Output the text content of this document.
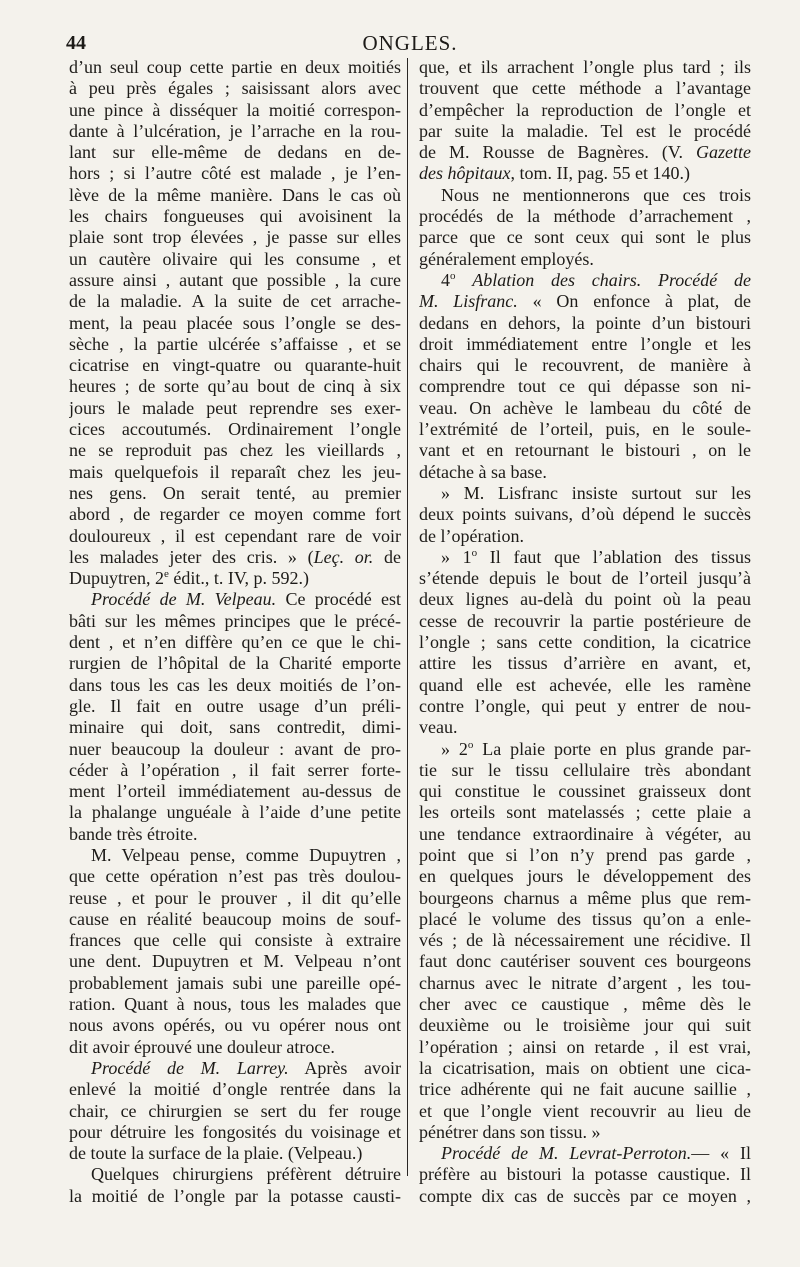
44	ONGLES.
d’un seul coup cette partie en deux moitiés
à peu près égales ; saisissant alors avec
une pince à disséquer la moitié correspon-
dante à l’ulcération, je l’arrache en la rou-
lant sur elle-même de dedans en de-
hors ; si l’autre côté est malade , je l’en-
lève de la même manière. Dans le cas où
les chairs fongueuses qui avoisinent la
plaie sont trop élevées , je passe sur elles
un cautère olivaire qui les consume , et
assure ainsi , autant que possible , la cure
de la maladie. A la suite de cet arrache-
ment, la peau placée sous l’ongle se des-
sèche , la partie ulcérée s’affaisse , et se
cicatrise en vingt-quatre ou quarante-huit
heures ; de sorte qu’au bout de cinq à six
jours le malade peut reprendre ses exer-
cices accoutumés. Ordinairement l’ongle
ne se reproduit pas chez les vieillards ,
mais quelquefois il reparaît chez les jeu-
nes gens. On serait tenté, au premier
abord , de regarder ce moyen comme fort
douloureux , il est cependant rare de voir
les malades jeter des cris. » (Leç. or. de
Dupuytren, 2e édit., t. IV, p. 592.)
Procédé de M. Velpeau. Ce procédé est
bâti sur les mêmes principes que le précé-
dent , et n’en diffère qu’en ce que le chi-
rurgien de l’hôpital de la Charité emporte
dans tous les cas les deux moitiés de l’on-
gle. Il fait en outre usage d’un préli-
minaire qui doit, sans contredit, dimi-
nuer beaucoup la douleur : avant de pro-
céder à l’opération , il fait serrer forte-
ment l’orteil immédiatement au-dessus de
la phalange unguéale à l’aide d’une petite
bande très étroite.
M. Velpeau pense, comme Dupuytren ,
que cette opération n’est pas très doulou-
reuse , et pour le prouver , il dit qu’elle
cause en réalité beaucoup moins de souf-
frances que celle qui consiste à extraire
une dent. Dupuytren et M. Velpeau n’ont
probablement jamais subi une pareille opé-
ration. Quant à nous, tous les malades que
nous avons opérés, ou vu opérer nous ont
dit avoir éprouvé une douleur atroce.
Procédé de M. Larrey. Après avoir
enlevé la moitié d’ongle rentrée dans la
chair, ce chirurgien se sert du fer rouge
pour détruire les fongosités du voisinage et
de toute la surface de la plaie. (Velpeau.)
Quelques chirurgiens préfèrent détruire
la moitié de l’ongle par la potasse causti-
que, et ils arrachent l’ongle plus tard ; ils
trouvent que cette méthode a l’avantage
d’empêcher la reproduction de l’ongle et
par suite la maladie. Tel est le procédé
de M. Rousse de Bagnères. (V. Gazette
des hôpitaux, tom. II, pag. 55 et 140.)
Nous ne mentionnerons que ces trois
procédés de la méthode d’arrachement ,
parce que ce sont ceux qui sont le plus
généralement employés.
4$^o$ Ablation des chairs. Procédé de
M. Lisfranc. « On enfonce à plat, de
dedans en dehors, la pointe d’un bistouri
droit immédiatement entre l’ongle et les
chairs qui le recouvrent, de manière à
comprendre tout ce qui dépasse son ni-
veau. On achève le lambeau du côté de
l’extrémité de l’orteil, puis, en le soule-
vant et en retournant le bistouri , on le
détache à sa base.
» M. Lisfranc insiste surtout sur les
deux points suivans, d’où dépend le succès
de l’opération.
» 1$^o$ Il faut que l’ablation des tissus
s’étende depuis le bout de l’orteil jusqu’à
deux lignes au-delà du point où la peau
cesse de recouvrir la partie postérieure de
l’ongle ; sans cette condition, la cicatrice
attire les tissus d’arrière en avant, et,
quand elle est achevée, elle les ramène
contre l’ongle, qui peut y entrer de nou-
veau.
» 2$^o$ La plaie porte en plus grande par-
tie sur le tissu cellulaire très abondant
qui constitue le coussinet graisseux dont
les orteils sont matelassés ; cette plaie a
une tendance extraordinaire à végéter, au
point que si l’on n’y prend pas garde ,
en quelques jours le développement des
bourgeons charnus a même plus que rem-
placé le volume des tissus qu’on a enle-
vés ; de là nécessairement une récidive. Il
faut donc cautériser souvent ces bourgeons
charnus avec le nitrate d’argent , les tou-
cher avec ce caustique , même dès le
deuxième ou le troisième jour qui suit
l’opération ; ainsi on retarde , il est vrai,
la cicatrisation, mais on obtient une cica-
trice adhérente qui ne fait aucune saillie ,
et que l’ongle vient recouvrir au lieu de
pénétrer dans son tissu. »
Procédé de M. Levrat-Perroton.— « Il
préfère au bistouri la potasse caustique. Il
compte dix cas de succès par ce moyen ,
